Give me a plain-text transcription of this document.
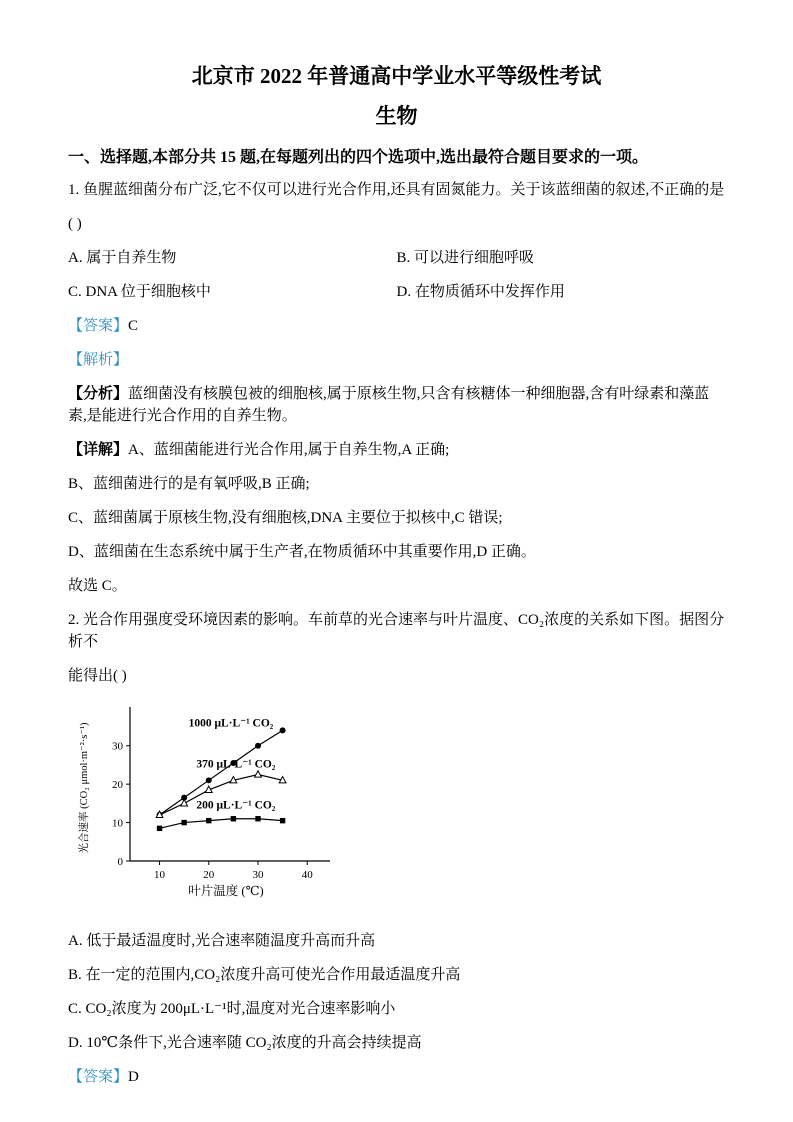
北京市 2022 年普通高中学业水平等级性考试
生物

一、选择题,本部分共 15 题,在每题列出的四个选项中,选出最符合题目要求的一项。

1. 鱼腥蓝细菌分布广泛,它不仅可以进行光合作用,还具有固氮能力。关于该蓝细菌的叙述,不正确的是

( )

A. 属于自养生物	B. 可以进行细胞呼吸
C. DNA 位于细胞核中	D. 在物质循环中发挥作用

【答案】C

【解析】

【分析】蓝细菌没有核膜包被的细胞核,属于原核生物,只含有核糖体一种细胞器,含有叶绿素和藻蓝素,是能进行光合作用的自养生物。

【详解】A、蓝细菌能进行光合作用,属于自养生物,A 正确;

B、蓝细菌进行的是有氧呼吸,B 正确;

C、蓝细菌属于原核生物,没有细胞核,DNA 主要位于拟核中,C 错误;

D、蓝细菌在生态系统中属于生产者,在物质循环中其重要作用,D 正确。

故选 C。

2. 光合作用强度受环境因素的影响。车前草的光合速率与叶片温度、CO₂浓度的关系如下图。据图分析不

能得出( )

0
10
20
30
10	20	30	40
叶片温度 (℃)
光合速率 (CO₂ μmol·m⁻²·s⁻¹)	1000 μL·L⁻¹ CO₂
370 μL·L⁻¹ CO₂
200 μL·L⁻¹ CO₂

A. 低于最适温度时,光合速率随温度升高而升高

B. 在一定的范围内,CO₂浓度升高可使光合作用最适温度升高

C. CO₂浓度为 200μL·L⁻¹时,温度对光合速率影响小

D. 10℃条件下,光合速率随 CO₂浓度的升高会持续提高

【答案】D
